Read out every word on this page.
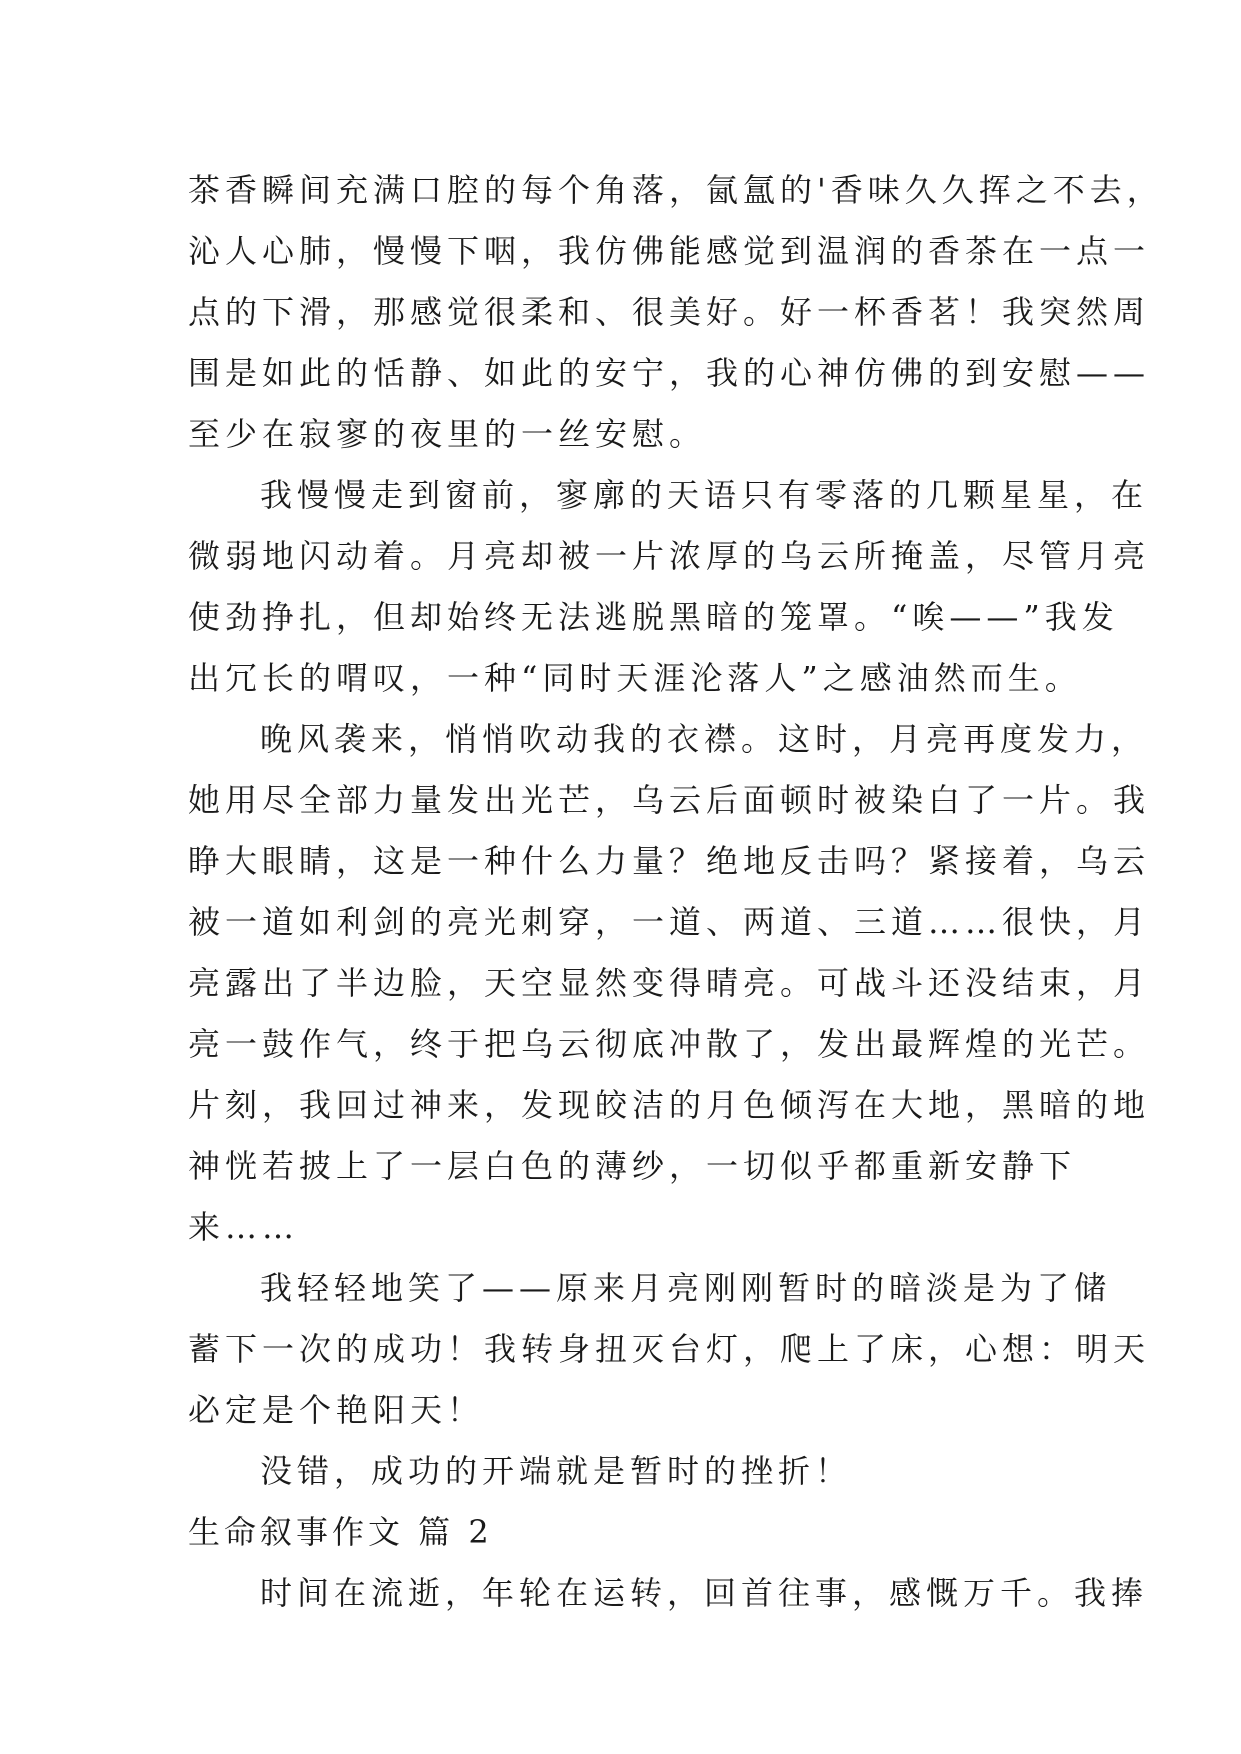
茶香瞬间充满口腔的每个角落，氤氲的'香味久久挥之不去，
沁人心肺，慢慢下咽，我仿佛能感觉到温润的香茶在一点一
点的下滑，那感觉很柔和、很美好。好一杯香茗！我突然周
围是如此的恬静、如此的安宁，我的心神仿佛的到安慰——
至少在寂寥的夜里的一丝安慰。
我慢慢走到窗前，寥廓的天语只有零落的几颗星星，在
微弱地闪动着。月亮却被一片浓厚的乌云所掩盖，尽管月亮
使劲挣扎，但却始终无法逃脱黑暗的笼罩。“唉——”我发
出冗长的喟叹，一种“同时天涯沦落人”之感油然而生。
晚风袭来，悄悄吹动我的衣襟。这时，月亮再度发力，
她用尽全部力量发出光芒，乌云后面顿时被染白了一片。我
睁大眼睛，这是一种什么力量？绝地反击吗？紧接着，乌云
被一道如利剑的亮光刺穿，一道、两道、三道……很快，月
亮露出了半边脸，天空显然变得晴亮。可战斗还没结束，月
亮一鼓作气，终于把乌云彻底冲散了，发出最辉煌的光芒。
片刻，我回过神来，发现皎洁的月色倾泻在大地，黑暗的地
神恍若披上了一层白色的薄纱，一切似乎都重新安静下
来……
我轻轻地笑了——原来月亮刚刚暂时的暗淡是为了储
蓄下一次的成功！我转身扭灭台灯，爬上了床，心想：明天
必定是个艳阳天！
没错，成功的开端就是暂时的挫折！
生命叙事作文 篇 2
时间在流逝，年轮在运转，回首往事，感慨万千。我捧
